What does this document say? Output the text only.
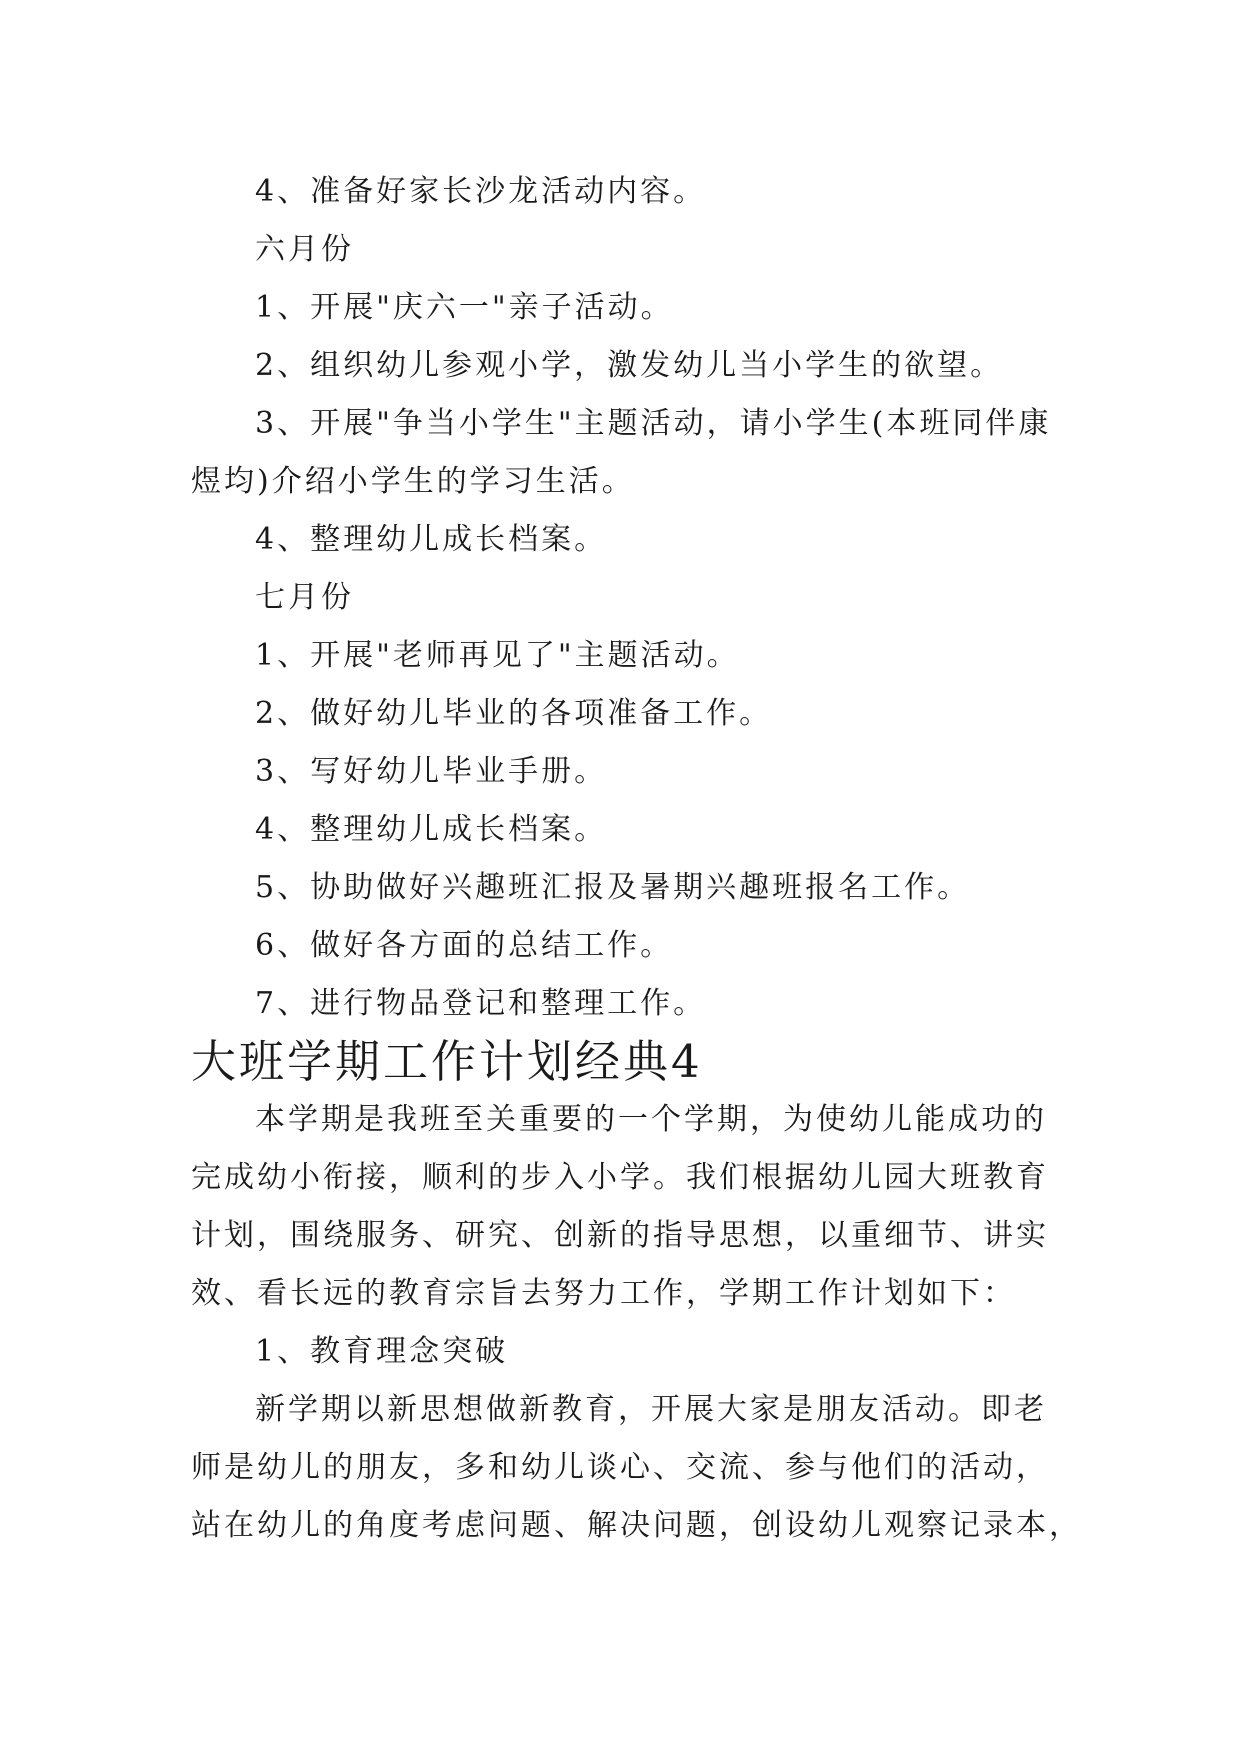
4、准备好家长沙龙活动内容。

六月份

1、开展"庆六一"亲子活动。

2、组织幼儿参观小学，激发幼儿当小学生的欲望。

3、开展"争当小学生"主题活动，请小学生(本班同伴康

煜均)介绍小学生的学习生活。

4、整理幼儿成长档案。

七月份

1、开展"老师再见了"主题活动。

2、做好幼儿毕业的各项准备工作。

3、写好幼儿毕业手册。

4、整理幼儿成长档案。

5、协助做好兴趣班汇报及暑期兴趣班报名工作。

6、做好各方面的总结工作。

7、进行物品登记和整理工作。

大班学期工作计划经典4

本学期是我班至关重要的一个学期，为使幼儿能成功的

完成幼小衔接，顺利的步入小学。我们根据幼儿园大班教育

计划，围绕服务、研究、创新的指导思想，以重细节、讲实

效、看长远的教育宗旨去努力工作，学期工作计划如下：

1、教育理念突破

新学期以新思想做新教育，开展大家是朋友活动。即老

师是幼儿的朋友，多和幼儿谈心、交流、参与他们的活动，

站在幼儿的角度考虑问题、解决问题，创设幼儿观察记录本，
